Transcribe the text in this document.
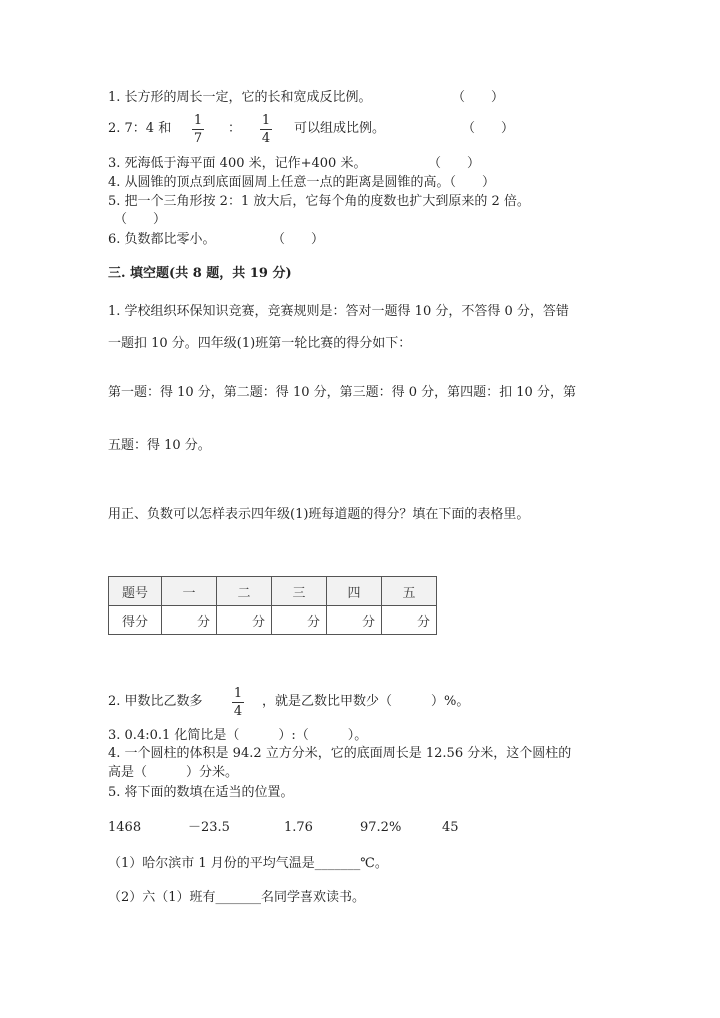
1. 长方形的周长一定，它的长和宽成反比例。	（　　）
2. 7：4 和
1
7
：
1
4
可以组成比例。	（　　）
3. 死海低于海平面 400 米，记作+400 米。	（　　）
4. 从圆锥的顶点到底面圆周上任意一点的距离是圆锥的高。（　　）
5. 把一个三角形按 2：1 放大后，它每个角的度数也扩大到原来的 2 倍。
（　　）
6. 负数都比零小。	（　　）
三. 填空题(共 8 题，共 19 分)
1. 学校组织环保知识竞赛，竞赛规则是：答对一题得 10 分，不答得 0 分，答错
一题扣 10 分。四年级(1)班第一轮比赛的得分如下：
第一题：得 10 分，第二题：得 10 分，第三题：得 0 分，第四题：扣 10 分，第
五题：得 10 分。
用正、负数可以怎样表示四年级(1)班每道题的得分？填在下面的表格里。
题号	一	二	三	四	五
得分	分	分	分	分	分
2. 甲数比乙数多
1
4
，就是乙数比甲数少（　　　）%。
3. 0.4:0.1 化简比是（　　　）:（　　　）。
4. 一个圆柱的体积是 94.2 立方分米，它的底面周长是 12.56 分米，这个圆柱的
高是（　　　）分米。
5. 将下面的数填在适当的位置。
1468	－23.5	1.76	97.2%	45
（1）哈尔滨市 1 月份的平均气温是_______℃。
（2）六（1）班有_______名同学喜欢读书。
